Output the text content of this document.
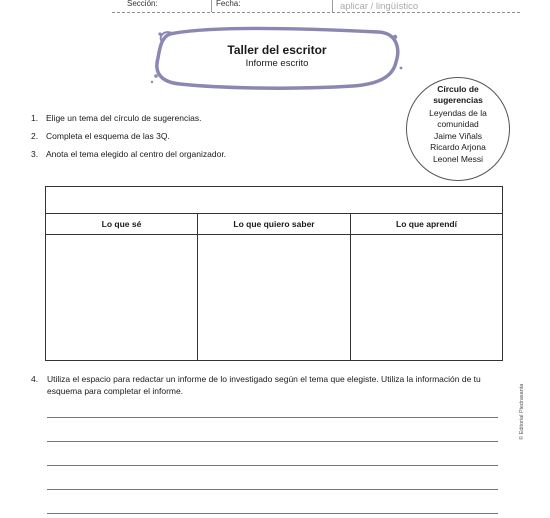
Sección:	Fecha:	aplicar / lingüístico
Taller del escritor
Informe escrito
Círculo de
sugerencias
Leyendas de la
comunidad
Jaime Viñals
Ricardo Arjona
Leonel Messi
1. Elige un tema del círculo de sugerencias.
2. Completa el esquema de las 3Q.
3. Anota el tema elegido al centro del organizador.
Lo que sé	Lo que quiero saber	Lo que aprendí
4. Utiliza el espacio para redactar un informe de lo investigado según el tema que elegiste. Utiliza la información de tu esquema para completar el informe.	© Editorial Piedrasanta
